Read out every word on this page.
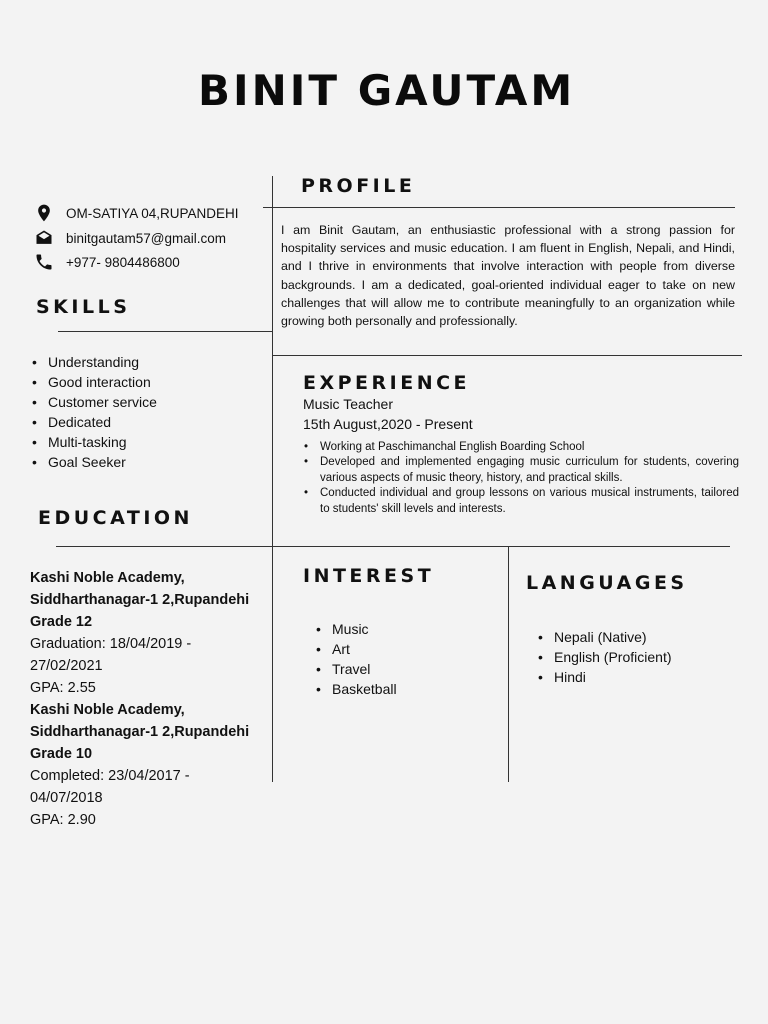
BINIT GAUTAM
OM-SATIYA 04,RUPANDEHI
binitgautam57@gmail.com
+977- 9804486800
SKILLS
• Understanding
• Good interaction
• Customer service
• Dedicated
• Multi-tasking
• Goal Seeker
EDUCATION
Kashi Noble Academy,
Siddharthanagar-1 2,Rupandehi
Grade 12
Graduation: 18/04/2019 -
27/02/2021
GPA: 2.55
Kashi Noble Academy,
Siddharthanagar-1 2,Rupandehi
Grade 10
Completed: 23/04/2017 -
04/07/2018
GPA: 2.90
PROFILE
I am Binit Gautam, an enthusiastic professional with a strong passion for hospitality services and music education. I am fluent in English, Nepali, and Hindi, and I thrive in environments that involve interaction with people from diverse backgrounds. I am a dedicated, goal-oriented individual eager to take on new challenges that will allow me to contribute meaningfully to an organization while growing both personally and professionally.
EXPERIENCE
Music Teacher
15th August,2020 - Present
• Working at Paschimanchal English Boarding School
• Developed and implemented engaging music curriculum for students, covering various aspects of music theory, history, and practical skills.
• Conducted individual and group lessons on various musical instruments, tailored to students' skill levels and interests.
INTEREST
• Music
• Art
• Travel
• Basketball
LANGUAGES
• Nepali (Native)
• English (Proficient)
• Hindi
